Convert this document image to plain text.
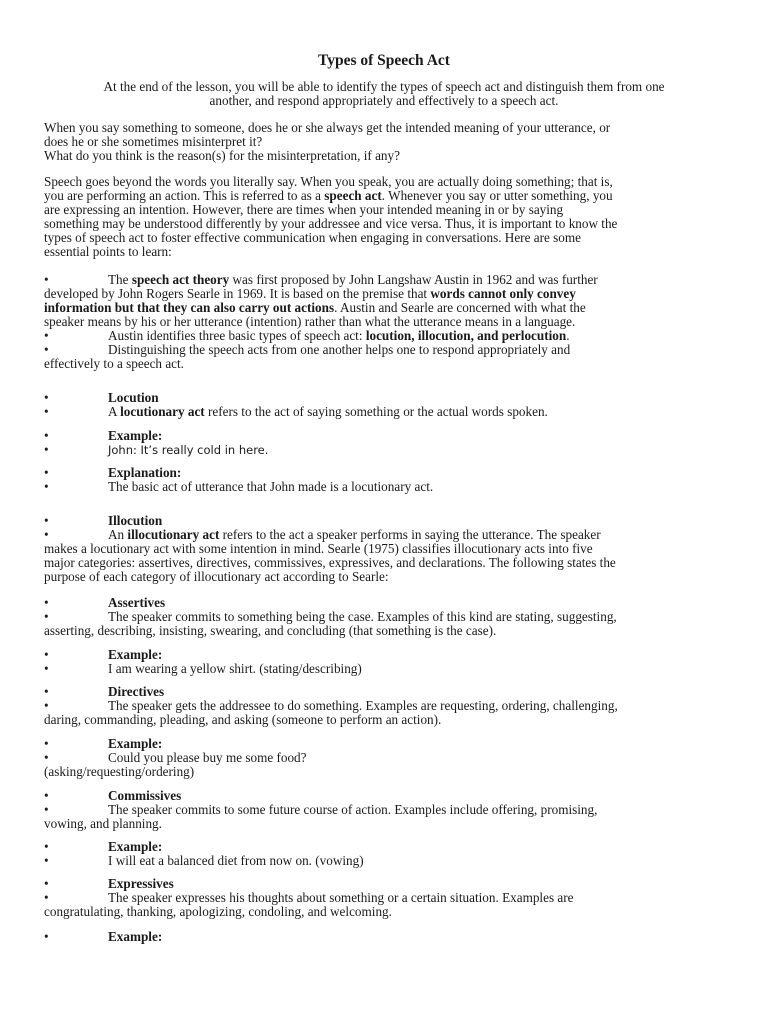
Types of Speech Act
At the end of the lesson, you will be able to identify the types of speech act and distinguish them from one
another, and respond appropriately and effectively to a speech act.
When you say something to someone, does he or she always get the intended meaning of your utterance, or
does he or she sometimes misinterpret it?
What do you think is the reason(s) for the misinterpretation, if any?
Speech goes beyond the words you literally say. When you speak, you are actually doing something; that is,
you are performing an action. This is referred to as a speech act. Whenever you say or utter something, you
are expressing an intention. However, there are times when your intended meaning in or by saying
something may be understood differently by your addressee and vice versa. Thus, it is important to know the
types of speech act to foster effective communication when engaging in conversations. Here are some
essential points to learn:
•	The speech act theory was first proposed by John Langshaw Austin in 1962 and was further
developed by John Rogers Searle in 1969. It is based on the premise that words cannot only convey
information but that they can also carry out actions. Austin and Searle are concerned with what the
speaker means by his or her utterance (intention) rather than what the utterance means in a language.
•	Austin identifies three basic types of speech act: locution, illocution, and perlocution.
•	Distinguishing the speech acts from one another helps one to respond appropriately and
effectively to a speech act.
•	Locution
•	A locutionary act refers to the act of saying something or the actual words spoken.
•	Example:
•	John: It’s really cold in here.
•	Explanation:
•	The basic act of utterance that John made is a locutionary act.
•	Illocution
•	An illocutionary act refers to the act a speaker performs in saying the utterance. The speaker
makes a locutionary act with some intention in mind. Searle (1975) classifies illocutionary acts into five
major categories: assertives, directives, commissives, expressives, and declarations. The following states the
purpose of each category of illocutionary act according to Searle:
•	Assertives
•	The speaker commits to something being the case. Examples of this kind are stating, suggesting,
asserting, describing, insisting, swearing, and concluding (that something is the case).
•	Example:
•	I am wearing a yellow shirt. (stating/describing)
•	Directives
•	The speaker gets the addressee to do something. Examples are requesting, ordering, challenging,
daring, commanding, pleading, and asking (someone to perform an action).
•	Example:
•	Could you please buy me some food?
(asking/requesting/ordering)
•	Commissives
•	The speaker commits to some future course of action. Examples include offering, promising,
vowing, and planning.
•	Example:
•	I will eat a balanced diet from now on. (vowing)
•	Expressives
•	The speaker expresses his thoughts about something or a certain situation. Examples are
congratulating, thanking, apologizing, condoling, and welcoming.
•	Example:
